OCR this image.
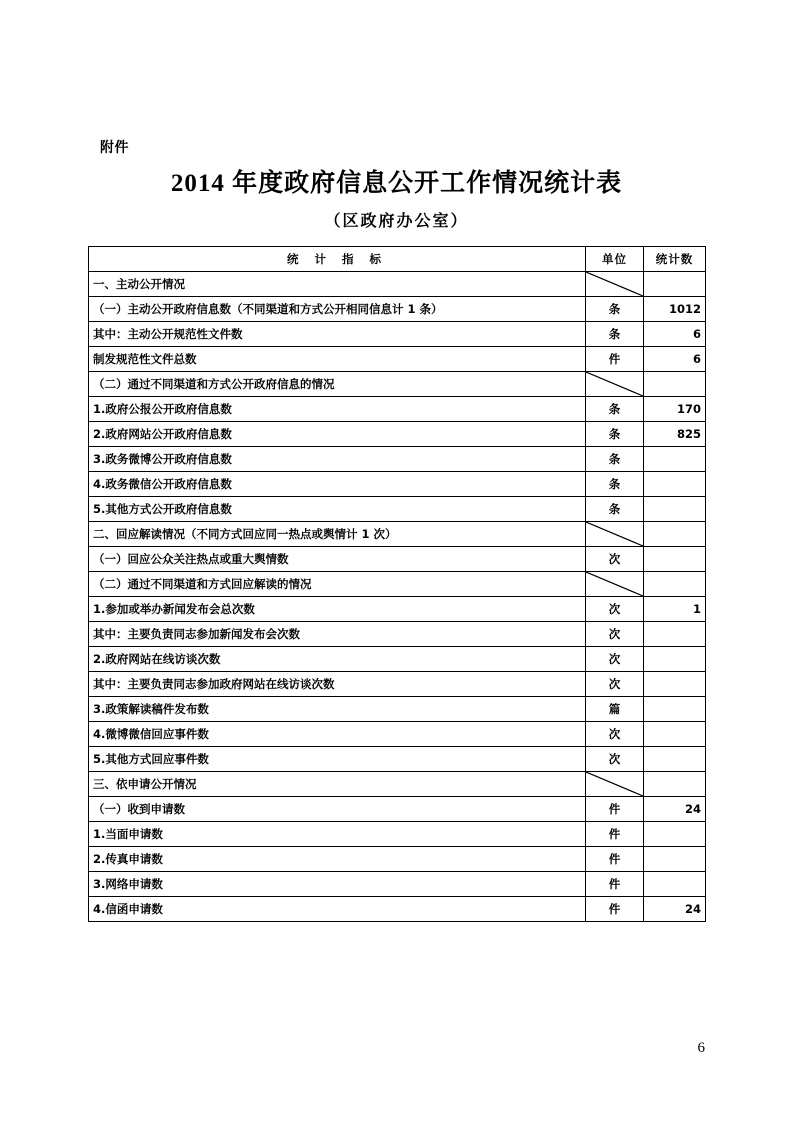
附件
2014 年度政府信息公开工作情况统计表
（区政府办公室）
统 计 指 标	单位	统计数
一、主动公开情况	

（一）主动公开政府信息数（不同渠道和方式公开相同信息计 1 条）	条	1012
其中：主动公开规范性文件数	条	6
制发规范性文件总数	件	6
（二）通过不同渠道和方式公开政府信息的情况	

1.政府公报公开政府信息数	条	170
2.政府网站公开政府信息数	条	825
3.政务微博公开政府信息数	条	
4.政务微信公开政府信息数	条	
5.其他方式公开政府信息数	条	
二、回应解读情况（不同方式回应同一热点或舆情计 1 次）	

（一）回应公众关注热点或重大舆情数	次	
（二）通过不同渠道和方式回应解读的情况	

1.参加或举办新闻发布会总次数	次	1
其中：主要负责同志参加新闻发布会次数	次	
2.政府网站在线访谈次数	次	
其中：主要负责同志参加政府网站在线访谈次数	次	
3.政策解读稿件发布数	篇	
4.微博微信回应事件数	次	
5.其他方式回应事件数	次	
三、依申请公开情况	

（一）收到申请数	件	24
1.当面申请数	件	
2.传真申请数	件	
3.网络申请数	件	
4.信函申请数	件	24
6
